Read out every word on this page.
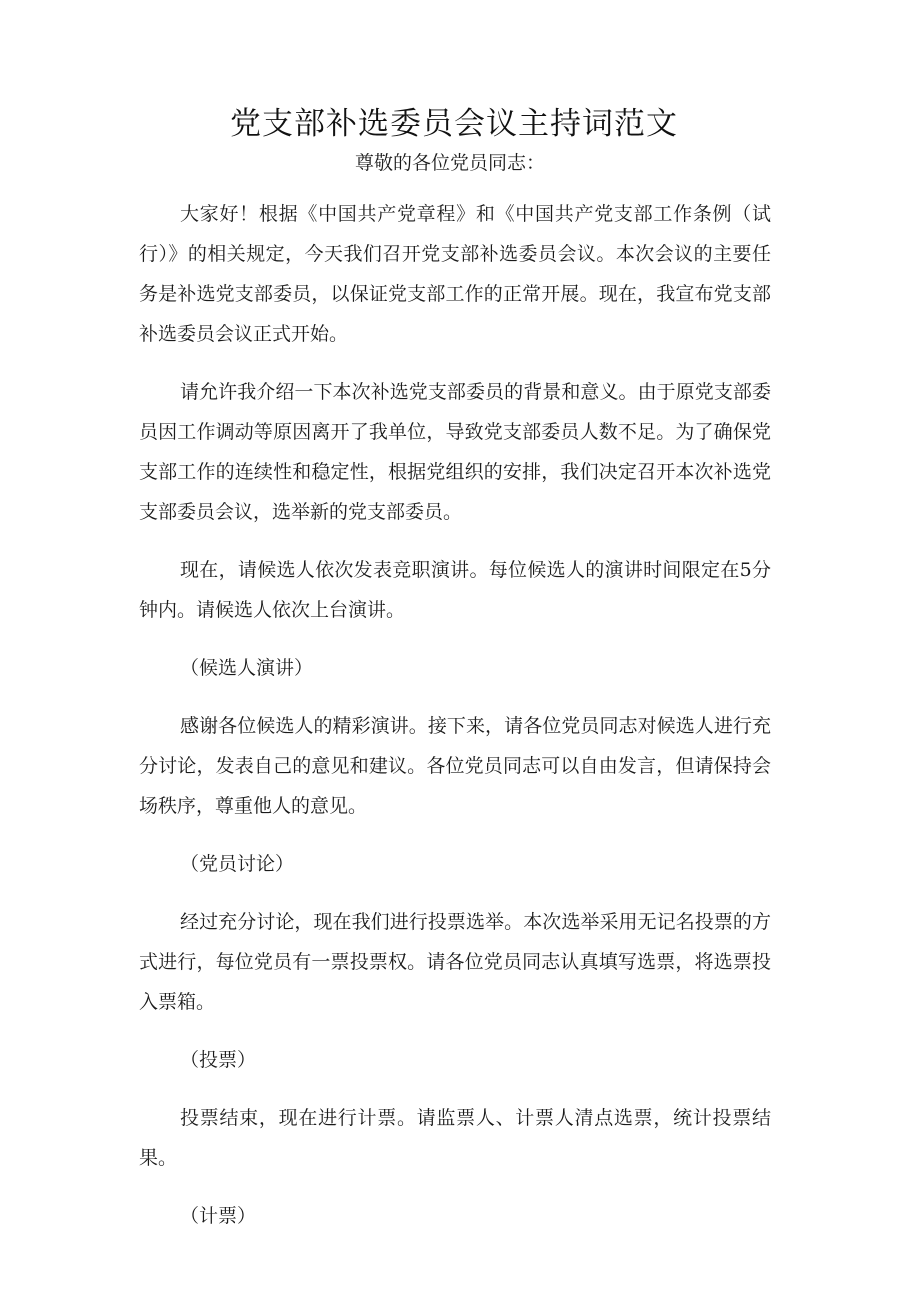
党支部补选委员会议主持词范文

尊敬的各位党员同志：

大家好！根据《中国共产党章程》和《中国共产党支部工作条例（试行）》的相关规定，今天我们召开党支部补选委员会议。本次会议的主要任务是补选党支部委员，以保证党支部工作的正常开展。现在，我宣布党支部补选委员会议正式开始。

请允许我介绍一下本次补选党支部委员的背景和意义。由于原党支部委员因工作调动等原因离开了我单位，导致党支部委员人数不足。为了确保党支部工作的连续性和稳定性，根据党组织的安排，我们决定召开本次补选党支部委员会议，选举新的党支部委员。

现在，请候选人依次发表竞职演讲。每位候选人的演讲时间限定在5分钟内。请候选人依次上台演讲。

（候选人演讲）

感谢各位候选人的精彩演讲。接下来，请各位党员同志对候选人进行充分讨论，发表自己的意见和建议。各位党员同志可以自由发言，但请保持会场秩序，尊重他人的意见。

（党员讨论）

经过充分讨论，现在我们进行投票选举。本次选举采用无记名投票的方式进行，每位党员有一票投票权。请各位党员同志认真填写选票，将选票投入票箱。

（投票）

投票结束，现在进行计票。请监票人、计票人清点选票，统计投票结果。

（计票）
